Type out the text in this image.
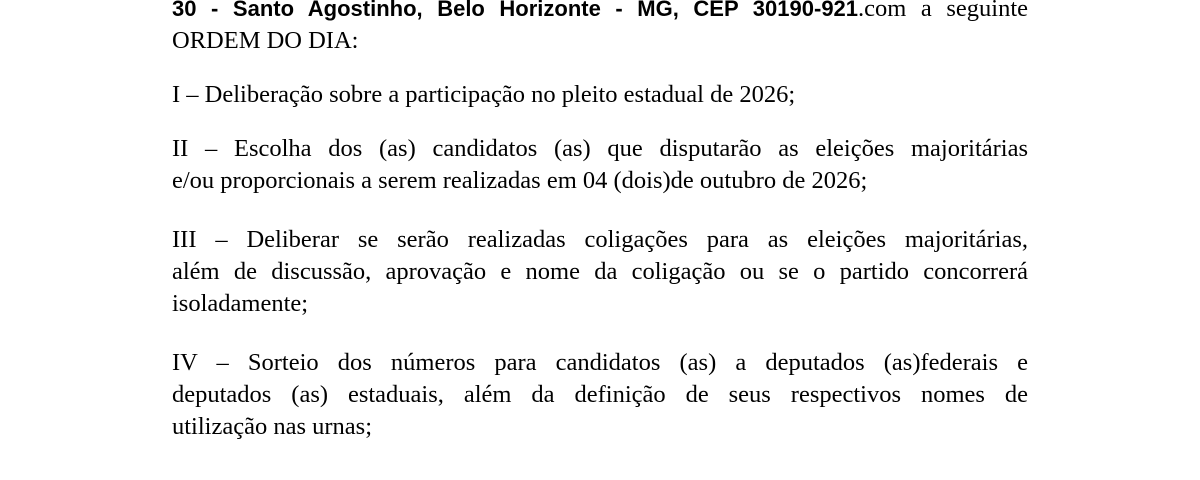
30 - Santo Agostinho, Belo Horizonte - MG, CEP 30190-921.com a seguinte
ORDEM DO DIA:
I – Deliberação sobre a participação no pleito estadual de 2026;
II – Escolha dos (as) candidatos (as) que disputarão as eleições majoritárias
e/ou proporcionais a serem realizadas em 04 (dois)de outubro de 2026;
III – Deliberar se serão realizadas coligações para as eleições majoritárias,
além de discussão, aprovação e nome da coligação ou se o partido concorrerá
isoladamente;
IV – Sorteio dos números para candidatos (as) a deputados (as)federais e
deputados (as) estaduais, além da definição de seus respectivos nomes de
utilização nas urnas;
